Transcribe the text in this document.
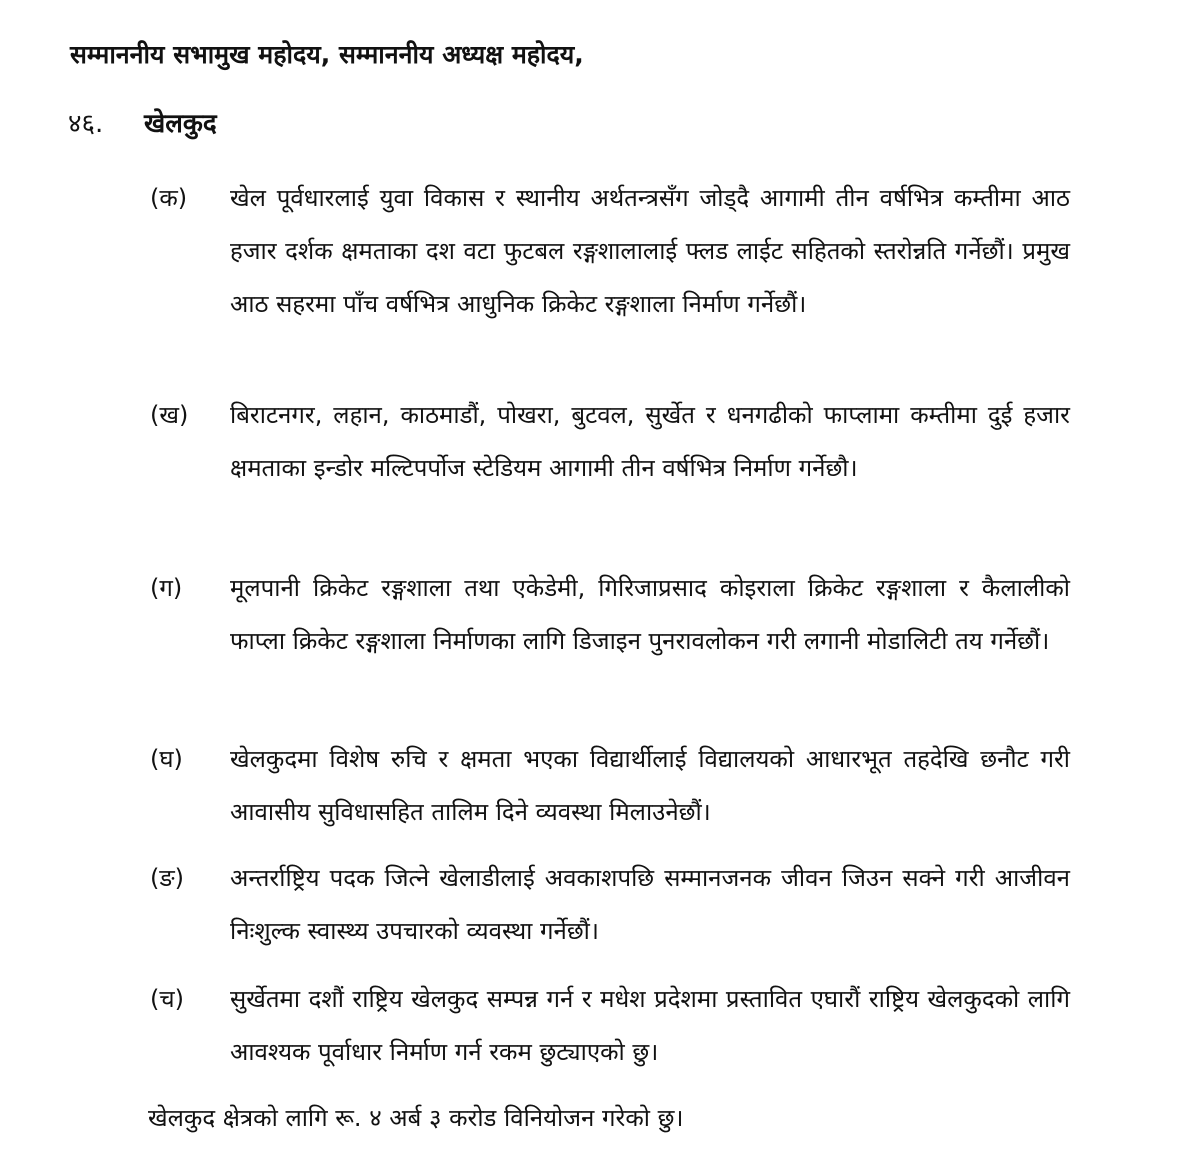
सम्माननीय सभामुख महोदय, सम्माननीय अध्यक्ष महोदय,
४६. खेलकुद
(क)	खेल पूर्वधारलाई युवा विकास र स्थानीय अर्थतन्त्रसँग जोड्दै आगामी तीन वर्षभित्र कम्तीमा आठ हजार दर्शक क्षमताका दश वटा फुटबल रङ्गशालालाई फ्लड लाईट सहितको स्तरोन्नति गर्नेछौं। प्रमुख आठ सहरमा पाँच वर्षभित्र आधुनिक क्रिकेट रङ्गशाला निर्माण गर्नेछौं।
(ख)	बिराटनगर, लहान, काठमाडौं, पोखरा, बुटवल, सुर्खेत र धनगढीको फाप्लामा कम्तीमा दुई हजार क्षमताका इन्डोर मल्टिपर्पोज स्टेडियम आगामी तीन वर्षभित्र निर्माण गर्नेछौ।
(ग)	मूलपानी क्रिकेट रङ्गशाला तथा एकेडेमी, गिरिजाप्रसाद कोइराला क्रिकेट रङ्गशाला र कैलालीको फाप्ला क्रिकेट रङ्गशाला निर्माणका लागि डिजाइन पुनरावलोकन गरी लगानी मोडालिटी तय गर्नेछौं।
(घ)	खेलकुदमा विशेष रुचि र क्षमता भएका विद्यार्थीलाई विद्यालयको आधारभूत तहदेखि छनौट गरी आवासीय सुविधासहित तालिम दिने व्यवस्था मिलाउनेछौं।
(ङ)	अन्तर्राष्ट्रिय पदक जित्ने खेलाडीलाई अवकाशपछि सम्मानजनक जीवन जिउन सक्ने गरी आजीवन निःशुल्क स्वास्थ्य उपचारको व्यवस्था गर्नेछौं।
(च)	सुर्खेतमा दशौं राष्ट्रिय खेलकुद सम्पन्न गर्न र मधेश प्रदेशमा प्रस्तावित एघारौं राष्ट्रिय खेलकुदको लागि आवश्यक पूर्वाधार निर्माण गर्न रकम छुट्याएको छु।
खेलकुद क्षेत्रको लागि रू. ४ अर्ब ३ करोड विनियोजन गरेको छु।
